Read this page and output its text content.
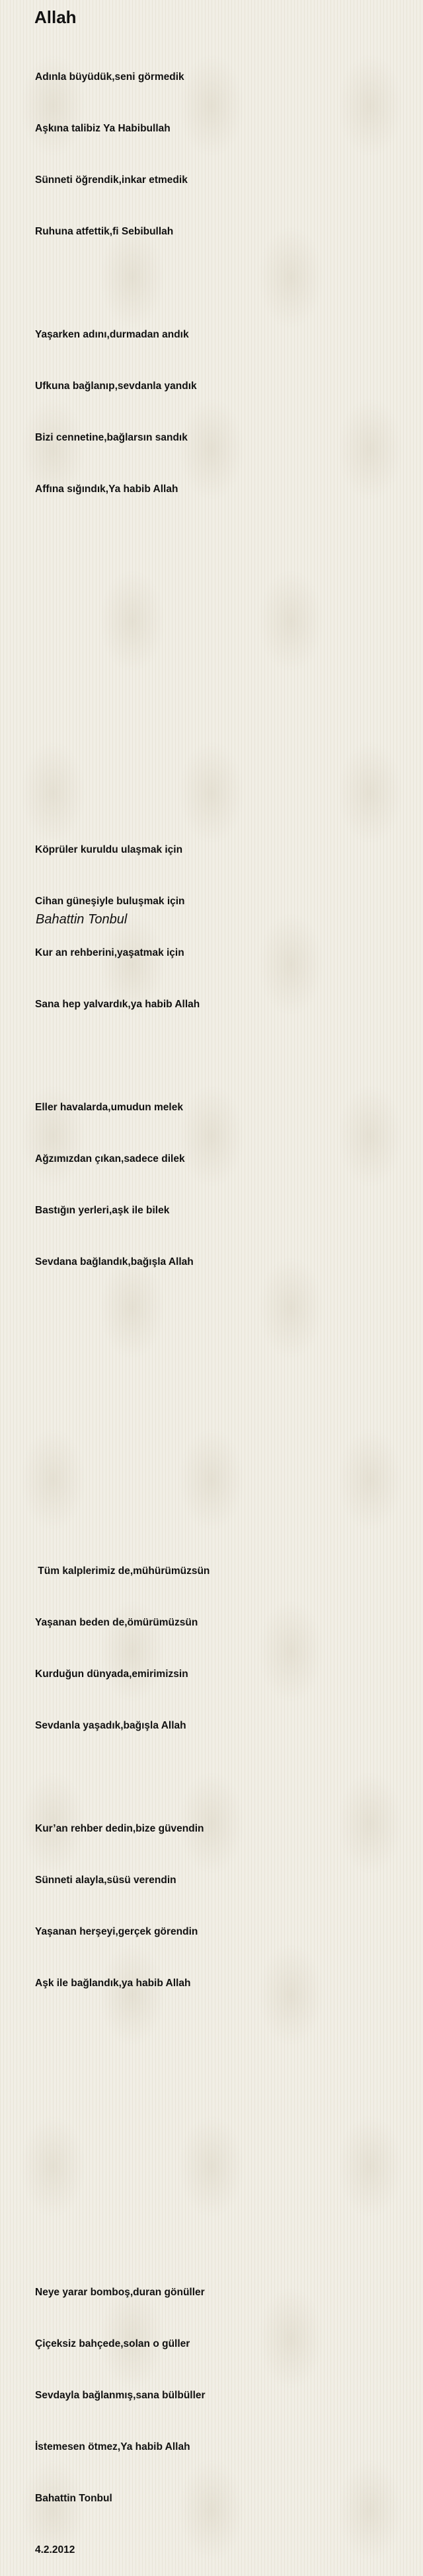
Allah

Adınla büyüdük,seni görmedik

Aşkına talibiz Ya Habibullah

Sünneti öğrendik,inkar etmedik

Ruhuna atfettik,fi Sebibullah

Yaşarken adını,durmadan andık

Ufkuna bağlanıp,sevdanla yandık

Bizi cennetine,bağlarsın sandık

Affına sığındık,Ya habib Allah

Köprüler kuruldu ulaşmak için

Cihan güneşiyle buluşmak için

Kur an rehberini,yaşatmak için

Sana hep yalvardık,ya habib Allah

Eller havalarda,umudun melek

Ağzımızdan çıkan,sadece dilek

Bastığın yerleri,aşk ile bilek

Sevdana bağlandık,bağışla Allah

Tüm kalplerimiz de,mühürümüzsün

Yaşanan beden de,ömürümüzsün

Kurduğun dünyada,emirimizsin

Sevdanla yaşadık,bağışla Allah

Kur’an rehber dedin,bize güvendin

Sünneti alayla,süsü verendin

Yaşanan herşeyi,gerçek görendin

Aşk ile bağlandık,ya habib Allah

Neye yarar bomboş,duran gönüller

Çiçeksiz bahçede,solan o güller

Sevdayla bağlanmış,sana bülbüller

İstemesen ötmez,Ya habib Allah

Bahattin Tonbul

4.2.2012

Bahattin Tonbul
